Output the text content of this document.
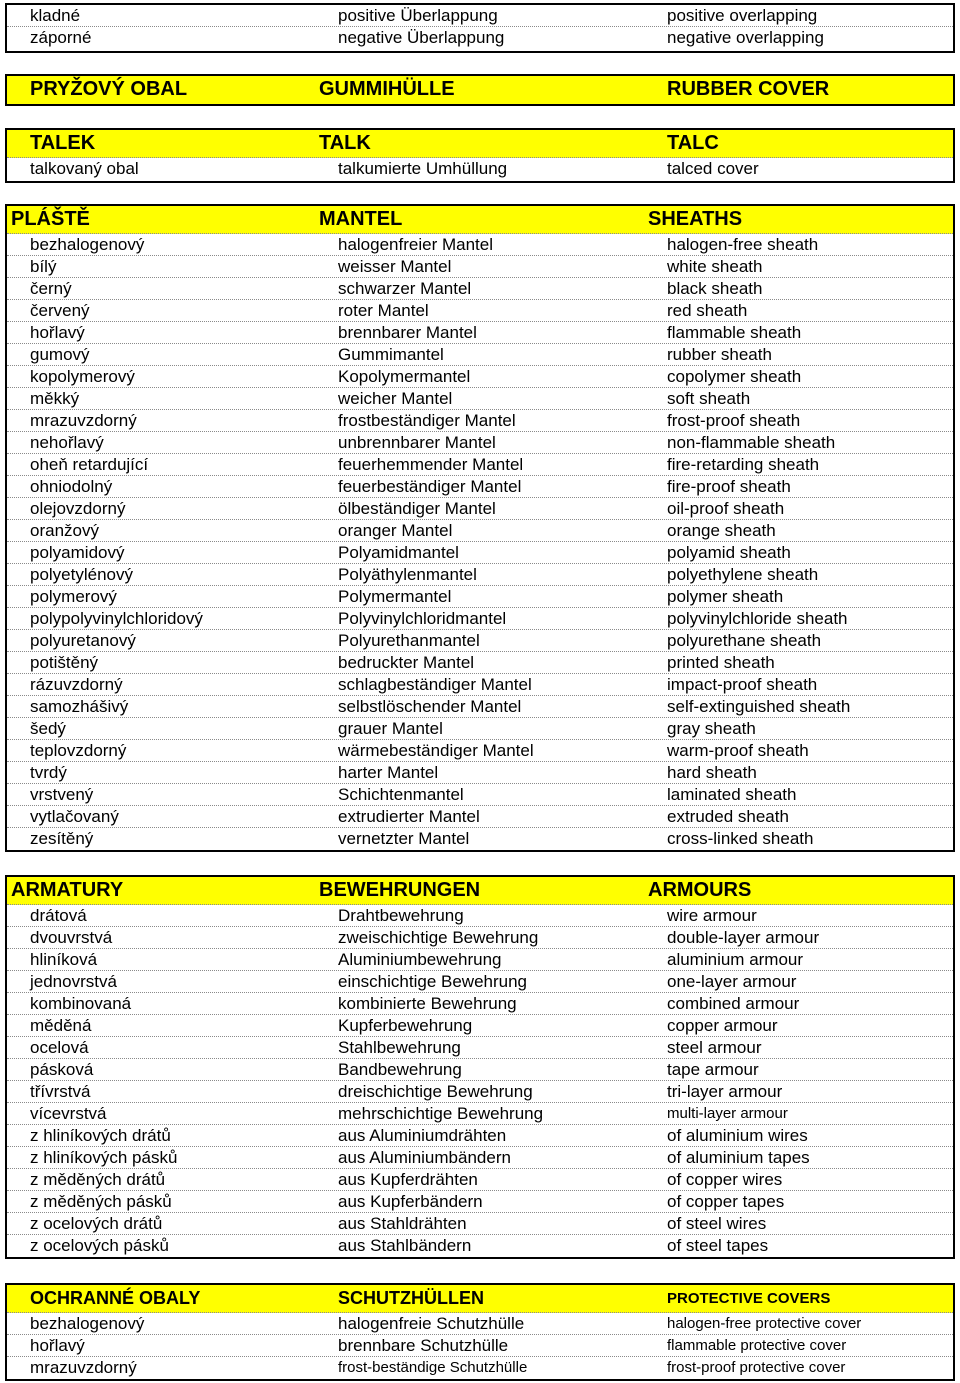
kladné	positive Überlappung	positive overlapping
záporné	negative Überlappung	negative overlapping
PRYŽOVÝ OBAL	GUMMIHÜLLE	RUBBER COVER
TALEK	TALK	TALC
talkovaný obal	talkumierte Umhüllung	talced cover
PLÁŠTĚ	MANTEL	SHEATHS
bezhalogenový	halogenfreier Mantel	halogen-free sheath
bílý	weisser Mantel	white sheath
černý	schwarzer Mantel	black sheath
červený	roter Mantel	red sheath
hořlavý	brennbarer Mantel	flammable sheath
gumový	Gummimantel	rubber sheath
kopolymerový	Kopolymermantel	copolymer sheath
měkký	weicher Mantel	soft sheath
mrazuvzdorný	frostbeständiger Mantel	frost-proof sheath
nehořlavý	unbrennbarer Mantel	non-flammable sheath
oheň retardující	feuerhemmender Mantel	fire-retarding sheath
ohniodolný	feuerbeständiger Mantel	fire-proof sheath
olejovzdorný	ölbeständiger Mantel	oil-proof sheath
oranžový	oranger Mantel	orange sheath
polyamidový	Polyamidmantel	polyamid sheath
polyetylénový	Polyäthylenmantel	polyethylene sheath
polymerový	Polymermantel	polymer sheath
polypolyvinylchloridový	Polyvinylchloridmantel	polyvinylchloride sheath
polyuretanový	Polyurethanmantel	polyurethane sheath
potištěný	bedruckter Mantel	printed sheath
rázuvzdorný	schlagbeständiger Mantel	impact-proof sheath
samozhášivý	selbstlöschender Mantel	self-extinguished sheath
šedý	grauer Mantel	gray sheath
teplovzdorný	wärmebeständiger Mantel	warm-proof sheath
tvrdý	harter Mantel	hard sheath
vrstvený	Schichtenmantel	laminated sheath
vytlačovaný	extrudierter Mantel	extruded sheath
zesítěný	vernetzter Mantel	cross-linked sheath
ARMATURY	BEWEHRUNGEN	ARMOURS
drátová	Drahtbewehrung	wire armour
dvouvrstvá	zweischichtige Bewehrung	double-layer armour
hliníková	Aluminiumbewehrung	aluminium armour
jednovrstvá	einschichtige Bewehrung	one-layer armour
kombinovaná	kombinierte Bewehrung	combined armour
měděná	Kupferbewehrung	copper armour
ocelová	Stahlbewehrung	steel armour
pásková	Bandbewehrung	tape armour
třívrstvá	dreischichtige Bewehrung	tri-layer armour
vícevrstvá	mehrschichtige Bewehrung	multi-layer armour
z hliníkových drátů	aus Aluminiumdrähten	of aluminium wires
z hliníkových pásků	aus Aluminiumbändern	of aluminium tapes
z měděných drátů	aus Kupferdrähten	of copper wires
z měděných pásků	aus Kupferbändern	of copper tapes
z ocelových drátů	aus Stahldrähten	of steel wires
z ocelových pásků	aus Stahlbändern	of steel tapes
OCHRANNÉ OBALY	SCHUTZHÜLLEN	PROTECTIVE COVERS
bezhalogenový	halogenfreie Schutzhülle	halogen-free protective cover
hořlavý	brennbare Schutzhülle	flammable protective cover
mrazuvzdorný	frost-beständige Schutzhülle	frost-proof protective cover
